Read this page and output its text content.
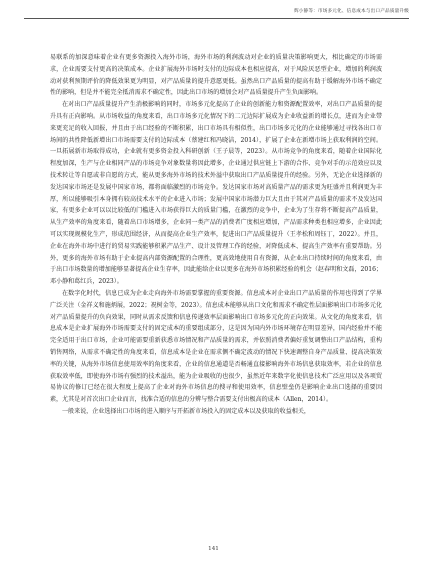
辉小静等：市场多元化、信息成本与出口产品质量升级

易联系的加深意味着企业有更多资源投入海外市场，海外市场的利润波动对企业的质量决策影响更大，相比确定的市场需求，企业需要支付更高的决策成本。企业扩展海外市场时支付的边际成本也相应提高，对于风险厌恶型企业，增加的利润波动对获利预期评价的降低效果更为明显，对产品质量的提升意愿更低。虽然出口产品质量的提高有助于缓解海外市场不确定性的影响，但是并不能完全抵消需求不确定性，因此出口市场的增加会对产品质量提升产生负面影响。

在对出口产品质量提升产生消极影响的同时，市场多元化提高了企业的创新能力和资源配置效率，对出口产品质量的提升具有正向影响。从市场收益的角度来看，出口市场多元化情况下的二元边际扩展成为企业收益新的增长点，进而为企业带来更充足的收入回报，并且由于出口经验的不断积累，出口市场具有相似性，出口市场多元化的企业能够通过寻找各出口市场间的共性降低新增出口市场需要支付的边际成本（蔡建红和冯晓洁，2014），扩展了企业在新增市场上获取利润的空间。一旦拓展新市场取得成功，企业就有更多资金投入科研创新（王子晨等，2023）。从市场竞争的角度来看，随着企业国际化程度加深，生产与企业相同产品的市场竞争对象数量将因此增多，企业通过供应链上下游的合作、竞争对手的示范效应以及技术转让等自愿或非自愿的方式，能从更多海外市场的技术外溢中获取出口产品质量提升的经验。另外，无论企业选择新的发达国家市场还是发展中国家市场，都将面临激烈的市场竞争。发达国家市场对高质量产品的需求更为旺盛并且利润更为丰厚，所以能够吸引本身拥有较高技术水平的企业进入市场；发展中国家市场潜力巨大且由于其对产品质量的需求不及发达国家，有更多企业可以以比较低的门槛进入市场获得巨大的质量门槛，在激烈的竞争中，企业为了生存将不断提高产品质量，从生产效率的角度来看，随着出口市场增多，企业同一类产品的消费者广度相应增加，产品需求种类也相应增多，企业因此可以实现规模化生产，形成范围经济，从而提高企业生产效率，促进出口产品质量提升（王孝松和周钰丁，2022）。并且，企业在海外市场中进行的贸易实践能够积累产品生产、设计及管理工作的经验，对降低成本、提高生产效率有重要帮助。另外，更多的海外市场有助于企业提高内部资源配置的合理性，更高效地使用自有资源，从企业出口持续时间的角度来看，由于出口市场数量的增加能够显著提高企业生存率，因此能给企业以更多在海外市场积累经验的机会（赵春明和文磊，2016；邓小静和葛红兵，2023）。

在数字化时代，信息已成为企业走向海外市场需要掌握的重要资源。信息成本对企业出口产品质量的作用也得到了学界广泛关注（金祥义和施炳展，2022；祝树金等，2023）。信息成本能够从出口文化和需求不确定性层面影响出口市场多元化对产品质量提升的负向效果，同时从需求反馈和信息传递效率层面影响出口市场多元化的正向效果。从文化的角度来看，信息成本是企业扩展海外市场需要支付的固定成本的重要组成部分，这是因为国内外市场环境存在明显差异，国内经验并不能完全适用于出口市场，企业可能需要重新获悉市场情况和产品质量的需求，并依照消费者偏好重复调整出口产品结构，重构销售网络，从需求不确定性的角度来看，信息成本是企业在需求侧不确定波动的情况下快速调整自身产品质量、提高决策效率的关键，从海外市场信息使用效率的角度来看，企业的信息通道是否畅通直接影响海外市场信息获取效率，若企业的信息获取效率低，即使海外市场有强烈的技术溢出，能为企业吸收的也很少，虽然近年来数字化使信息技术广泛应用以及各项贸易协议的修订已经在很大程度上提高了企业对海外市场信息的搜寻和使用效率，信息壁垒仍是影响企业出口选择的重要因素，尤其是对首次出口企业而言，找准合适的信息的分辨与整合需要支付出极高的成本（Allen，2014）。

一般来说，企业选择出口市场的进入顺序与开拓新市场投入的固定成本以及获取的收益相关，

141
